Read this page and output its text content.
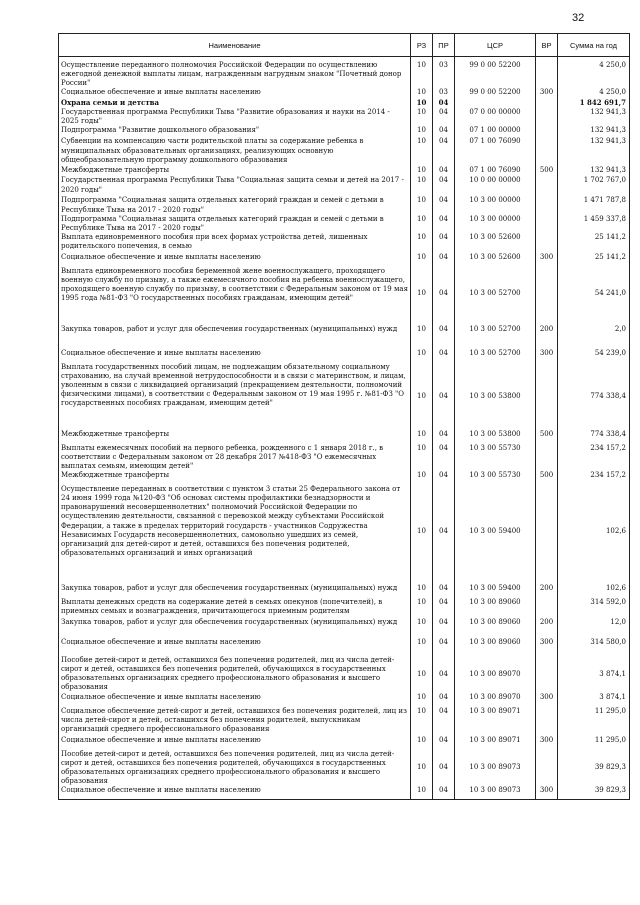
32
Наименование	РЗ	ПР	ЦСР	ВР	Сумма на год
Осуществление переданного полномочия Российской Федерации по осуществлению ежегодной денежной выплаты лицам, награжденным нагрудным знаком "Почетный донор России"	10	03	99 0 00 52200		4 250,0
Социальное обеспечение и иные выплаты населению	10	03	99 0 00 52200	300	4 250,0
Охрана семьи и детства	10	04			1 842 691,7
Государственная программа Республики Тыва "Развитие образования и науки на 2014 - 2025 годы"	10	04	07 0 00 00000		132 941,3
Подпрограмма "Развитие дошкольного образования"	10	04	07 1 00 00000		132 941,3
Субвенции на компенсацию части родительской платы за содержание ребенка в муниципальных образовательных организациях, реализующих основную общеобразовательную программу дошкольного образования	10	04	07 1 00 76090		132 941,3
Межбюджетные трансферты	10	04	07 1 00 76090	500	132 941,3
Государственная программа Республики Тыва "Социальная защита семьи и детей на 2017 - 2020 годы"	10	04	10 0 00 00000		1 702 767,0
Подпрограмма "Социальная защита отдельных категорий граждан и семей с детьми в Республике Тыва на 2017 - 2020 годы"	10	04	10 3 00 00000		1 471 787,8
Подпрограмма "Социальная защита отдельных категорий граждан и семей с детьми в Республике Тыва на 2017 - 2020 годы"	10	04	10 3 00 00000		1 459 337,8
Выплата единовременного пособия при всех формах устройства детей, лишенных родительского попечения, в семью	10	04	10 3 00 52600		25 141,2
Социальное обеспечение и иные выплаты населению	10	04	10 3 00 52600	300	25 141,2
Выплата единовременного пособия беременной жене военнослужащего, проходящего военную службу по призыву, а также ежемесячного пособия на ребенка военнослужащего, проходящего военную службу по призыву, в соответствии с Федеральным законом от 19 мая 1995 года №81-ФЗ "О государственных пособиях гражданам, имеющим детей"	10	04	10 3 00 52700		54 241,0
Закупка товаров, работ и услуг для обеспечения государственных (муниципальных) нужд	10	04	10 3 00 52700	200	2,0
Социальное обеспечение и иные выплаты населению	10	04	10 3 00 52700	300	54 239,0
Выплата государственных пособий лицам, не подлежащим обязательному социальному страхованию, на случай временной нетрудоспособности и в связи с материнством, и лицам, уволенным в связи с ликвидацией организаций (прекращением деятельности, полномочий физическими лицами), в соответствии с Федеральным законом от 19 мая 1995 г. №81-ФЗ "О государственных пособиях гражданам, имеющим детей"	10	04	10 3 00 53800		774 338,4
Межбюджетные трансферты	10	04	10 3 00 53800	500	774 338,4
Выплаты ежемесячных пособий на первого ребенка, рожденного с 1 января 2018 г., в соответствии с Федеральным законом от 28 декабря 2017 №418-ФЗ "О ежемесячных выплатах семьям, имеющим детей"	10	04	10 3 00 55730		234 157,2
Межбюджетные трансферты	10	04	10 3 00 55730	500	234 157,2
Осуществление переданных в соответствии с пунктом 3 статьи 25 Федерального закона от 24 июня 1999 года №120-ФЗ "Об основах системы профилактики безнадзорности и правонарушений несовершеннолетних" полномочий Российской Федерации по осуществлению деятельности, связанной с перевозкой между субъектами Российской Федерации, а также в пределах территорий государств - участников Содружества Независимых Государств несовершеннолетних, самовольно ушедших из семей, организаций для детей-сирот и детей, оставшихся без попечения родителей, образовательных организаций и иных организаций	10	04	10 3 00 59400		102,6
Закупка товаров, работ и услуг для обеспечения государственных (муниципальных) нужд	10	04	10 3 00 59400	200	102,6
Выплаты денежных средств на содержание детей в семьях опекунов (попечителей), в приемных семьях и вознаграждения, причитающегося приемным родителям	10	04	10 3 00 89060		314 592,0
Закупка товаров, работ и услуг для обеспечения государственных (муниципальных) нужд	10	04	10 3 00 89060	200	12,0
Социальное обеспечение и иные выплаты населению	10	04	10 3 00 89060	300	314 580,0
Пособие детей-сирот и детей, оставшихся без попечения родителей, лиц из числа детей-сирот и детей, оставшихся без попечения родителей, обучающихся в государственных образовательных организациях среднего профессионального образования и высшего образования	10	04	10 3 00 89070		3 874,1
Социальное обеспечение и иные выплаты населению	10	04	10 3 00 89070	300	3 874,1
Социальное обеспечение детей-сирот и детей, оставшихся без попечения родителей, лиц из числа детей-сирот и детей, оставшихся без попечения родителей, выпускникам организаций среднего профессионального образования	10	04	10 3 00 89071		11 295,0
Социальное обеспечение и иные выплаты населению	10	04	10 3 00 89071	300	11 295,0
Пособие детей-сирот и детей, оставшихся без попечения родителей, лиц из числа детей-сирот и детей, оставшихся без попечения родителей, обучающихся в государственных образовательных организациях среднего профессионального образования и высшего образования	10	04	10 3 00 89073		39 829,3
Социальное обеспечение и иные выплаты населению	10	04	10 3 00 89073	300	39 829,3
